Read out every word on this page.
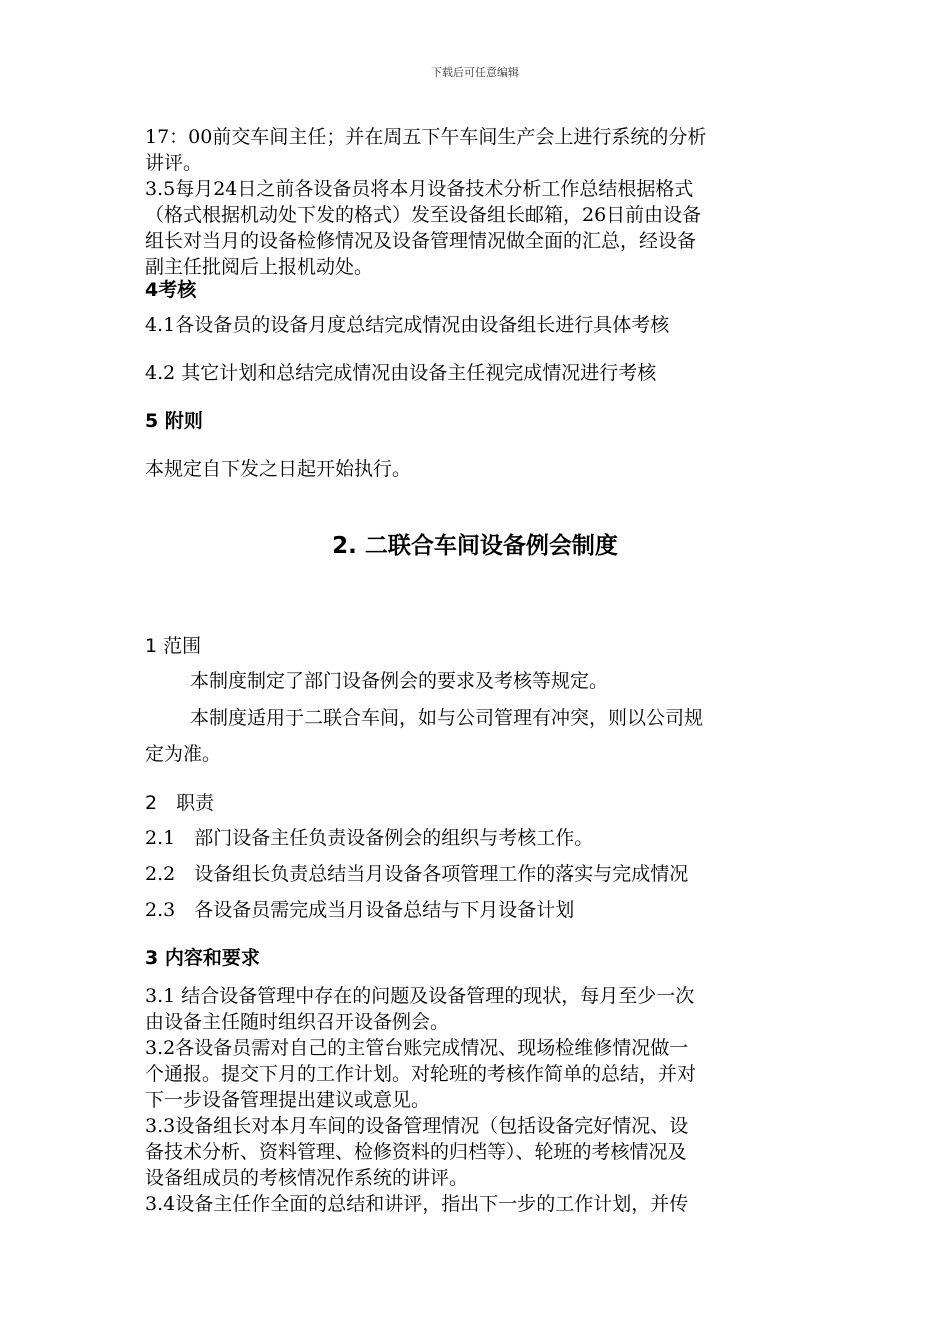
下载后可任意编辑
17：00前交车间主任；并在周五下午车间生产会上进行系统的分析
讲评。
3.5每月24日之前各设备员将本月设备技术分析工作总结根据格式
（格式根据机动处下发的格式）发至设备组长邮箱，26日前由设备
组长对当月的设备检修情况及设备管理情况做全面的汇总，经设备
副主任批阅后上报机动处。
4考核
4.1各设备员的设备月度总结完成情况由设备组长进行具体考核
4.2 其它计划和总结完成情况由设备主任视完成情况进行考核
5 附则
本规定自下发之日起开始执行。
2. 二联合车间设备例会制度
1 范围
本制度制定了部门设备例会的要求及考核等规定。
本制度适用于二联合车间，如与公司管理有冲突，则以公司规
定为准。
2　职责
2.1　部门设备主任负责设备例会的组织与考核工作。
2.2　设备组长负责总结当月设备各项管理工作的落实与完成情况
2.3　各设备员需完成当月设备总结与下月设备计划
3 内容和要求
3.1 结合设备管理中存在的问题及设备管理的现状，每月至少一次
由设备主任随时组织召开设备例会。
3.2各设备员需对自己的主管台账完成情况、现场检维修情况做一
个通报。提交下月的工作计划。对轮班的考核作简单的总结，并对
下一步设备管理提出建议或意见。
3.3设备组长对本月车间的设备管理情况（包括设备完好情况、设
备技术分析、资料管理、检修资料的归档等）、轮班的考核情况及
设备组成员的考核情况作系统的讲评。
3.4设备主任作全面的总结和讲评，指出下一步的工作计划，并传
